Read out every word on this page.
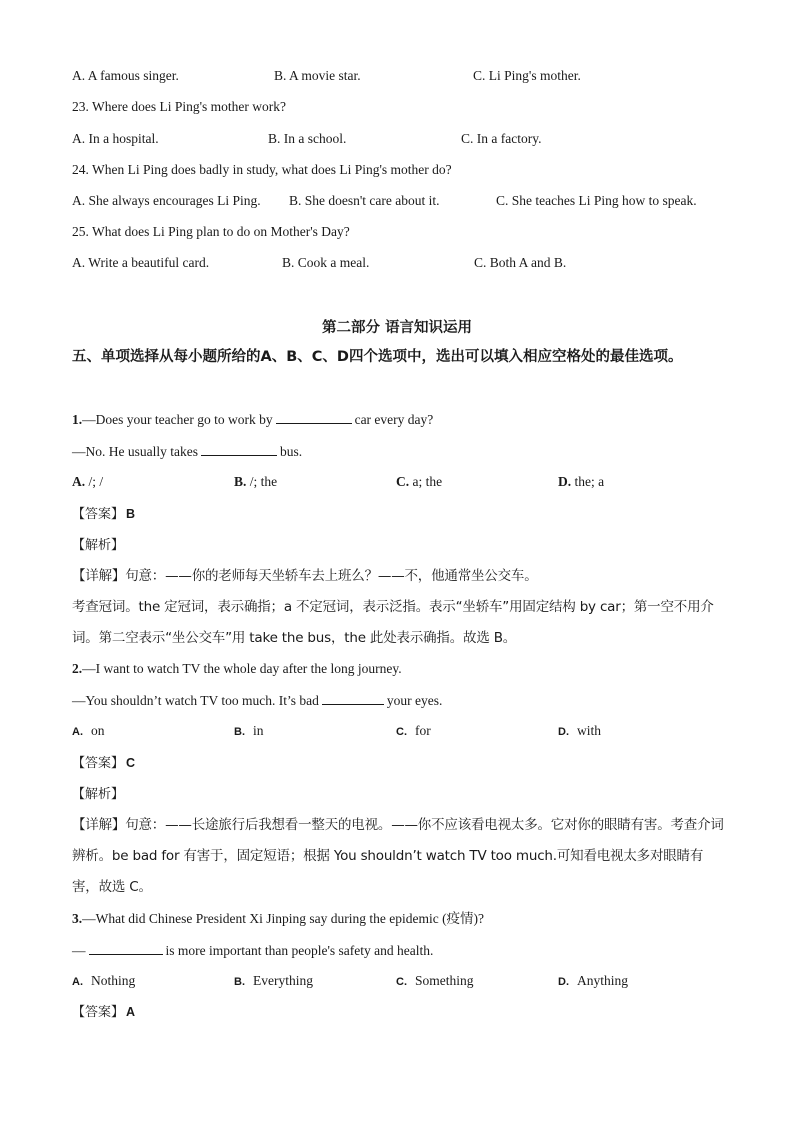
A. A famous singer.	B. A movie star.	C. Li Ping's mother.
23. Where does Li Ping's mother work?
A. In a hospital.	B. In a school.	C. In a factory.
24. When Li Ping does badly in study, what does Li Ping's mother do?
A. She always encourages Li Ping. B. She doesn't care about it.	C. She teaches Li Ping how to speak.
25. What does Li Ping plan to do on Mother's Day?
A. Write a beautiful card.	B. Cook a meal.	C. Both A and B.
第二部分 语言知识运用
五、单项选择从每小题所给的A、B、C、D四个选项中，选出可以填入相应空格处的最佳选项。
1.—Does your teacher go to work by	car every day?
—No. He usually takes	bus.
A. /; /	B. /; the	C. a; the	D. the; a
【答案】 B
【解析】
【详解】句意：——你的老师每天坐轿车去上班么？——不，他通常坐公交车。
考查冠词。the 定冠词，表示确指；a 不定冠词，表示泛指。表示“坐轿车”用固定结构 by car；第一空不用介词。第二空表示“坐公交车”用 take the bus，the 此处表示确指。故选 B。
2.—I want to watch TV the whole day after the long journey.
—You shouldn’t watch TV too much. It’s bad	your eyes.
A. on	B. in	C. for	D. with
【答案】 C
【解析】
【详解】句意：——长途旅行后我想看一整天的电视。——你不应该看电视太多。它对你的眼睛有害。考查介词辨析。be bad for 有害于，固定短语；根据 You shouldn’t watch TV too much.可知看电视太多对眼睛有害，故选 C。
3.—What did Chinese President Xi Jinping say during the epidemic (疫情)?
—	is more important than people's safety and health.
A. Nothing	B. Everything	C. Something	D. Anything
【答案】 A
